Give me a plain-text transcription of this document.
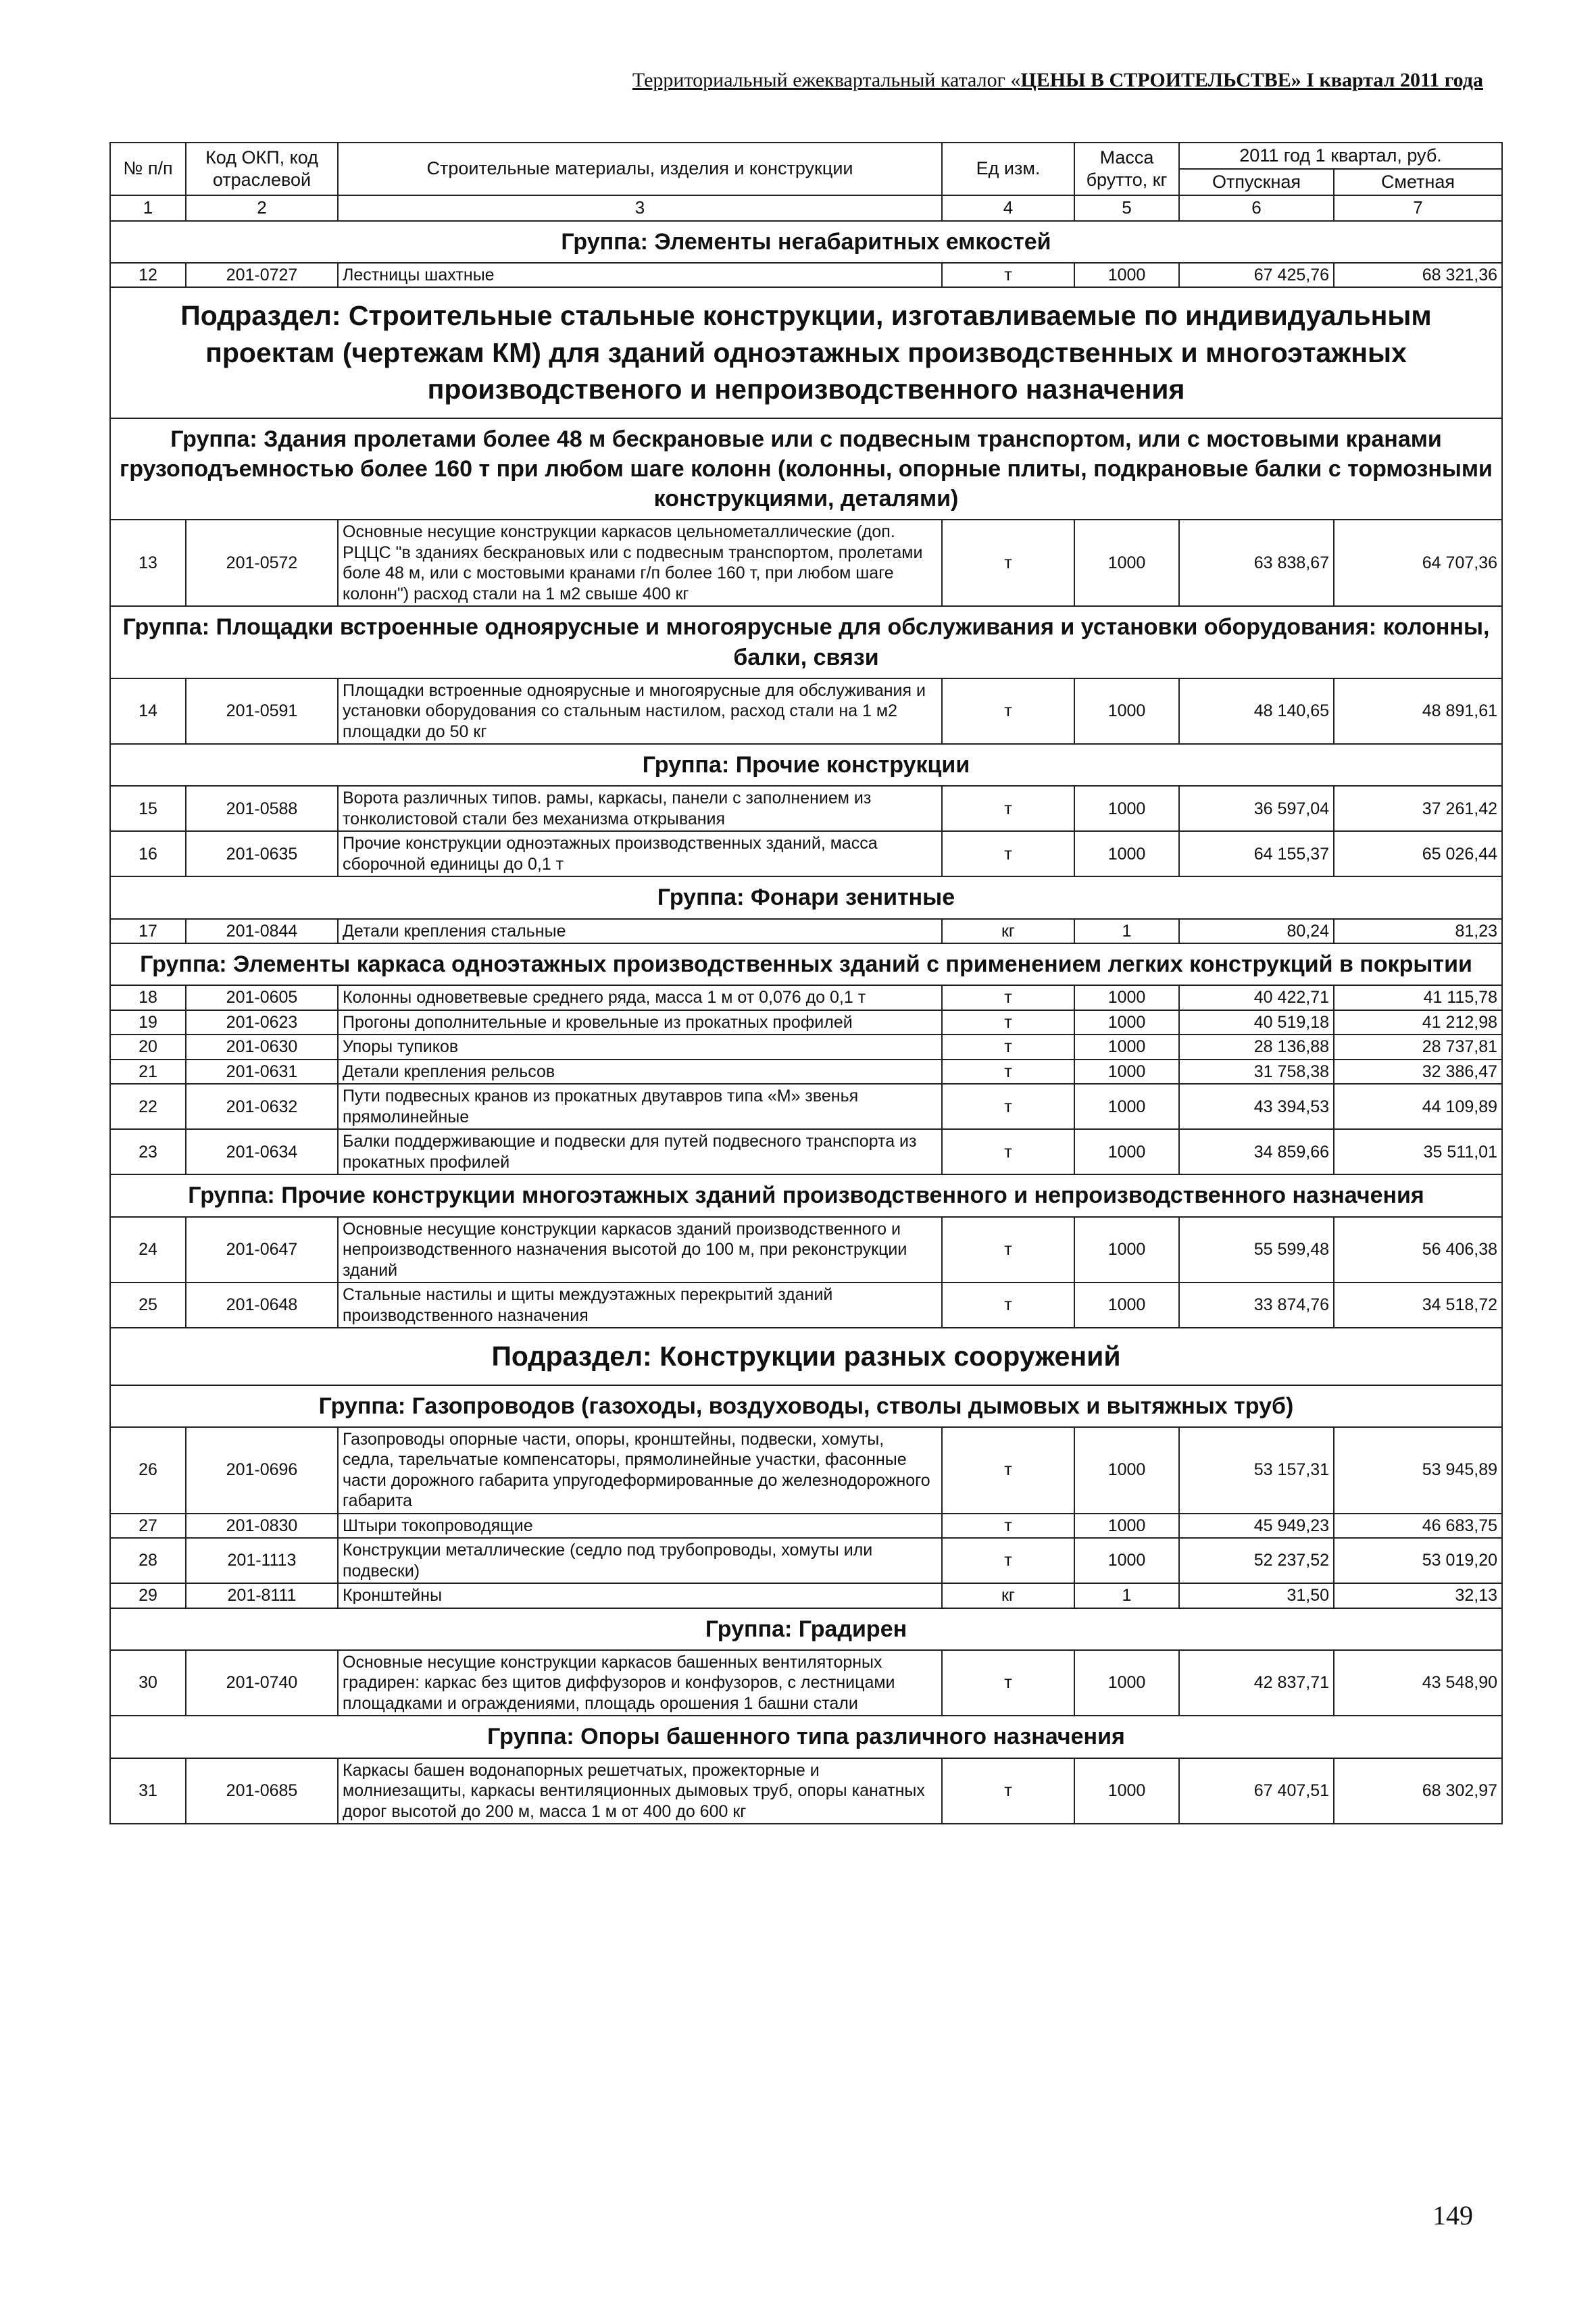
Территориальный ежеквартальный каталог «ЦЕНЫ В СТРОИТЕЛЬСТВЕ» I квартал 2011 года
№ п/п	Код ОКП, код отраслевой	Строительные материалы, изделия и конструкции	Ед изм.	Масса брутто, кг	2011 год 1 квартал, руб.	
					Отпускная	Сметная
1	2	3	4	5	6	7
Группа: Элементы негабаритных емкостей						
12	201-0727	Лестницы шахтные	т	1000	67 425,76	68 321,36
Подраздел: Строительные стальные конструкции, изготавливаемые по индивидуальным проектам (чертежам КМ) для зданий одноэтажных производственных и многоэтажных производственого и непроизводственного назначения						
Группа: Здания пролетами более 48 м бескрановые или с подвесным транспортом, или с мостовыми кранами грузоподъемностью более 160 т при любом шаге колонн (колонны, опорные плиты, подкрановые балки с тормозными конструкциями, деталями)						
13	201-0572	Основные несущие конструкции каркасов цельнометаллические (доп. РЦЦС "в зданиях бескрановых или с подвесным транспортом, пролетами боле 48 м, или с мостовыми кранами г/п более 160 т, при любом шаге колонн") расход стали на 1 м2 свыше 400 кг	т	1000	63 838,67	64 707,36
Группа: Площадки встроенные одноярусные и многоярусные для обслуживания и установки оборудования: колонны, балки, связи						
14	201-0591	Площадки встроенные одноярусные и многоярусные для обслуживания и установки оборудования со стальным настилом, расход стали на 1 м2 площадки до 50 кг	т	1000	48 140,65	48 891,61
Группа: Прочие конструкции						
15	201-0588	Ворота различных типов. рамы, каркасы, панели с заполнением из тонколистовой стали без механизма открывания	т	1000	36 597,04	37 261,42
16	201-0635	Прочие конструкции одноэтажных производственных зданий, масса сборочной единицы до 0,1 т	т	1000	64 155,37	65 026,44
Группа: Фонари зенитные						
17	201-0844	Детали крепления стальные	кг	1	80,24	81,23
Группа: Элементы каркаса одноэтажных производственных зданий с применением легких конструкций в покрытии						
18	201-0605	Колонны одноветвевые среднего ряда, масса 1 м от 0,076 до 0,1 т	т	1000	40 422,71	41 115,78
19	201-0623	Прогоны дополнительные и кровельные из прокатных профилей	т	1000	40 519,18	41 212,98
20	201-0630	Упоры тупиков	т	1000	28 136,88	28 737,81
21	201-0631	Детали крепления рельсов	т	1000	31 758,38	32 386,47
22	201-0632	Пути подвесных кранов из прокатных двутавров типа «М» звенья прямолинейные	т	1000	43 394,53	44 109,89
23	201-0634	Балки поддерживающие и подвески для путей подвесного транспорта из прокатных профилей	т	1000	34 859,66	35 511,01
Группа: Прочие конструкции многоэтажных зданий производственного и непроизводственного назначения						
24	201-0647	Основные несущие конструкции каркасов зданий производственного и непроизводственного назначения высотой до 100 м, при реконструкции зданий	т	1000	55 599,48	56 406,38
25	201-0648	Стальные настилы и щиты междуэтажных перекрытий зданий производственного назначения	т	1000	33 874,76	34 518,72
Подраздел: Конструкции разных сооружений						
Группа: Газопроводов (газоходы, воздуховоды, стволы дымовых и вытяжных труб)						
26	201-0696	Газопроводы опорные части, опоры, кронштейны, подвески, хомуты, седла, тарельчатые компенсаторы, прямолинейные участки, фасонные части дорожного габарита упругодеформированные до железнодорожного габарита	т	1000	53 157,31	53 945,89
27	201-0830	Штыри токопроводящие	т	1000	45 949,23	46 683,75
28	201-1113	Конструкции металлические (седло под трубопроводы, хомуты или подвески)	т	1000	52 237,52	53 019,20
29	201-8111	Кронштейны	кг	1	31,50	32,13
Группа: Градирен						
30	201-0740	Основные несущие конструкции каркасов башенных вентиляторных градирен: каркас без щитов диффузоров и конфузоров, с лестницами площадками и ограждениями, площадь орошения 1 башни стали	т	1000	42 837,71	43 548,90
Группа: Опоры башенного типа различного назначения						
31	201-0685	Каркасы башен водонапорных решетчатых, прожекторные и молниезащиты, каркасы вентиляционных дымовых труб, опоры канатных дорог высотой до 200 м, масса 1 м от 400 до 600 кг	т	1000	67 407,51	68 302,97
149
